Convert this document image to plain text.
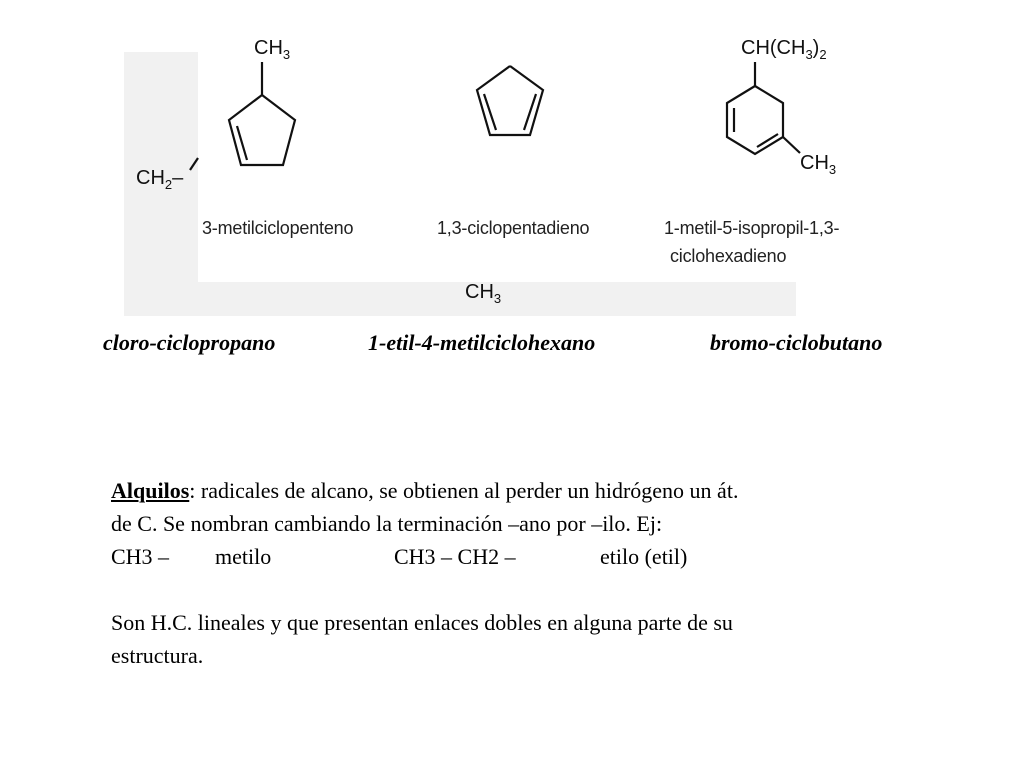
$CH_3$
3-metilciclopenteno	1,3-ciclopentadieno
$CH(CH_3)_2$
$CH_3$
1-metil-5-isopropil-1,3-
ciclohexadieno
$CH_2-$
$CH_3$
cloro-ciclopropano	1-etil-4-metilciclohexano	bromo-ciclobutano
Alquilos: radicales de alcano, se obtienen al perder un hidrógeno un át.
de C. Se nombran cambiando la terminación –ano por –ilo. Ej:
CH3 – metilo	CH3 – CH2 –	etilo (etil)
Son H.C. lineales y que presentan enlaces dobles en alguna parte de su
estructura.
